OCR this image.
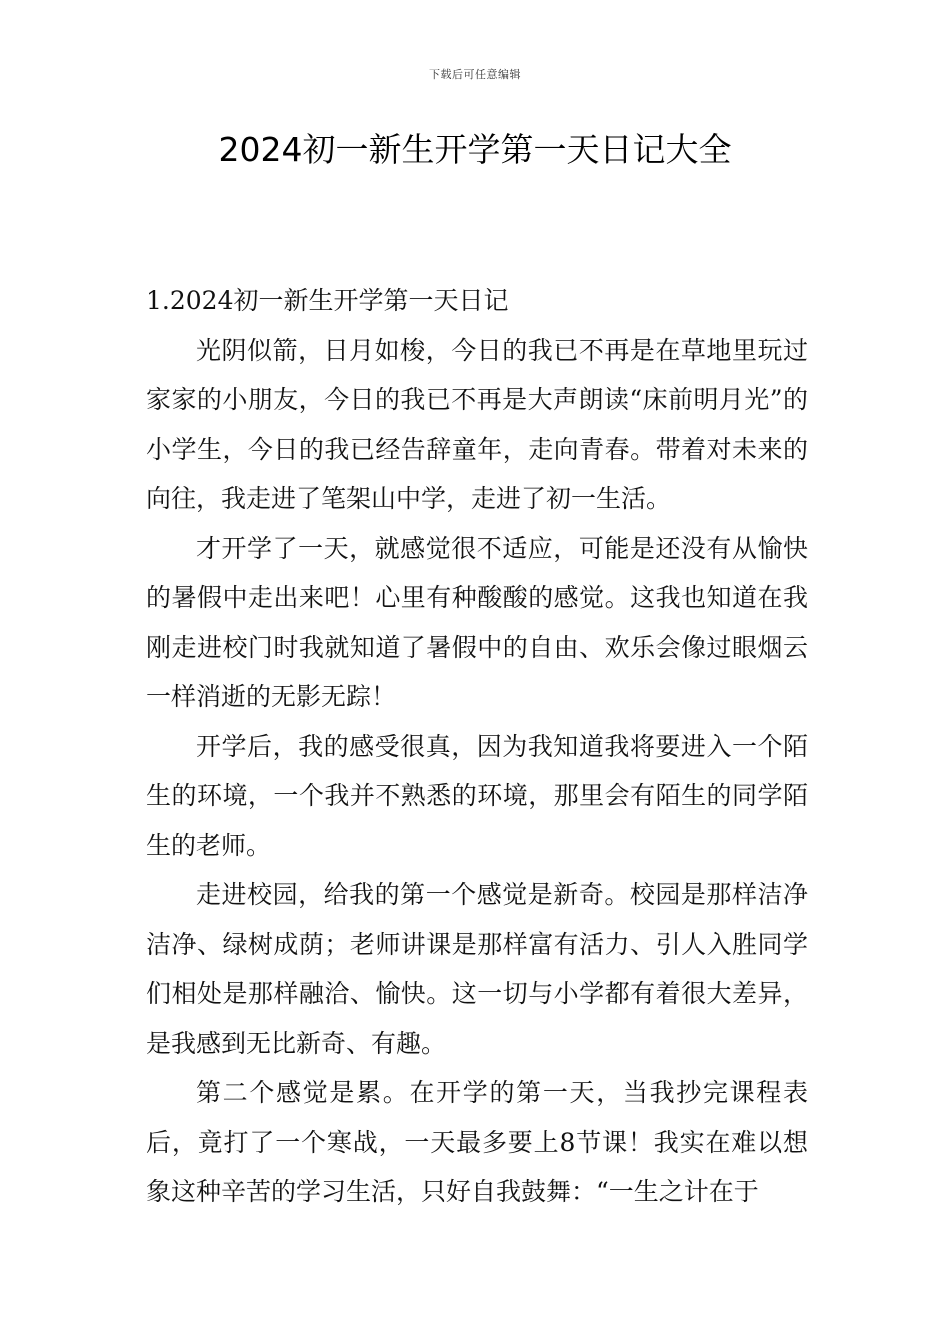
下载后可任意编辑
2024初一新生开学第一天日记大全
1.2024初一新生开学第一天日记

光阴似箭，日月如梭，今日的我已不再是在草地里玩过家家的小朋友，今日的我已不再是大声朗读“床前明月光”的小学生，今日的我已经告辞童年，走向青春。带着对未来的向往，我走进了笔架山中学，走进了初一生活。

才开学了一天，就感觉很不适应，可能是还没有从愉快的暑假中走出来吧！心里有种酸酸的感觉。这我也知道在我刚走进校门时我就知道了暑假中的自由、欢乐会像过眼烟云一样消逝的无影无踪！

开学后，我的感受很真，因为我知道我将要进入一个陌生的环境，一个我并不熟悉的环境，那里会有陌生的同学陌生的老师。

走进校园，给我的第一个感觉是新奇。校园是那样洁净洁净、绿树成荫；老师讲课是那样富有活力、引人入胜同学们相处是那样融洽、愉快。这一切与小学都有着很大差异，是我感到无比新奇、有趣。

第二个感觉是累。在开学的第一天，当我抄完课程表后，竟打了一个寒战，一天最多要上8节课！我实在难以想象这种辛苦的学习生活，只好自我鼓舞：“一生之计在于
